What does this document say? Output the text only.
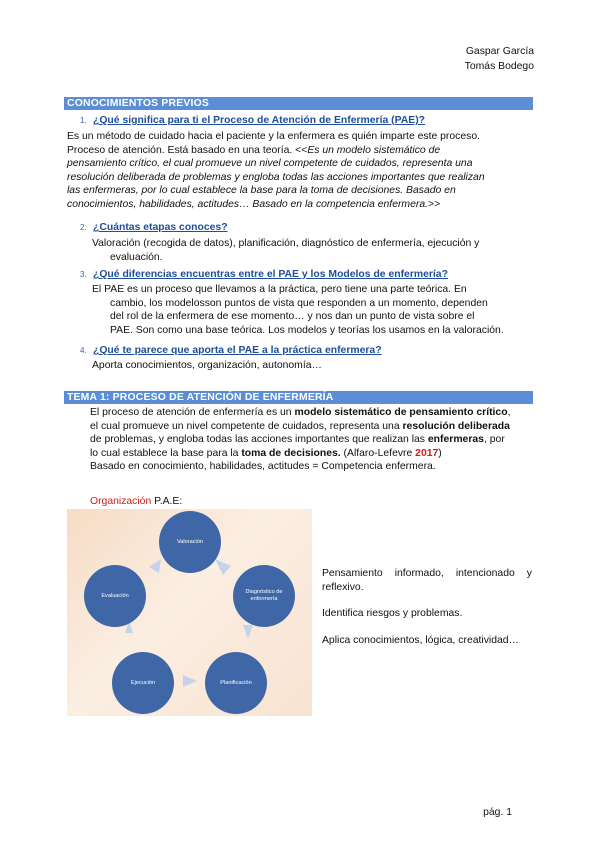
Gaspar García
Tomás Bodego
CONOCIMIENTOS PREVIOS
1. ¿Qué significa para ti el Proceso de Atención de Enfermería (PAE)?
Es un método de cuidado hacia el paciente y la enfermera es quién imparte este proceso.
Proceso de atención. Está basado en una teoría. <<Es un modelo sistemático de
pensamiento crítico, el cual promueve un nivel competente de cuidados, representa una
resolución deliberada de problemas y engloba todas las acciones importantes que realizan
las enfermeras, por lo cual establece la base para la toma de decisiones. Basado en
conocimientos, habilidades, actitudes… Basado en la competencia enfermera.>>
2. ¿Cuántas etapas conoces?
Valoración (recogida de datos), planificación, diagnóstico de enfermería, ejecución y
evaluación.
3. ¿Qué diferencias encuentras entre el PAE y los Modelos de enfermería?
El PAE es un proceso que llevamos a la práctica, pero tiene una parte teórica. En
cambio, los modelosson puntos de vista que responden a un momento, dependen
del rol de la enfermera de ese momento… y nos dan un punto de vista sobre el
PAE. Son como una base teórica. Los modelos y teorías los usamos en la valoración.
4. ¿Qué te parece que aporta el PAE a la práctica enfermera?
Aporta conocimientos, organización, autonomía…
TEMA 1: PROCESO DE ATENCIÓN DE ENFERMERÍA
El proceso de atención de enfermería es un modelo sistemático de pensamiento crítico,
el cual promueve un nivel competente de cuidados, representa una resolución deliberada
de problemas, y engloba todas las acciones importantes que realizan las enfermeras, por
lo cual establece la base para la toma de decisiones. (Alfaro-Lefevre 2017)
Basado en conocimiento, habilidades, actitudes = Competencia enfermera.
Organización P.A.E:
Valoración
Diagnóstico de enfermería
Planificación
Ejecución
Evaluación

Pensamiento informado, intencionado y reflexivo.

Identifica riesgos y problemas.

Aplica conocimientos, lógica, creatividad…

pág. 1
